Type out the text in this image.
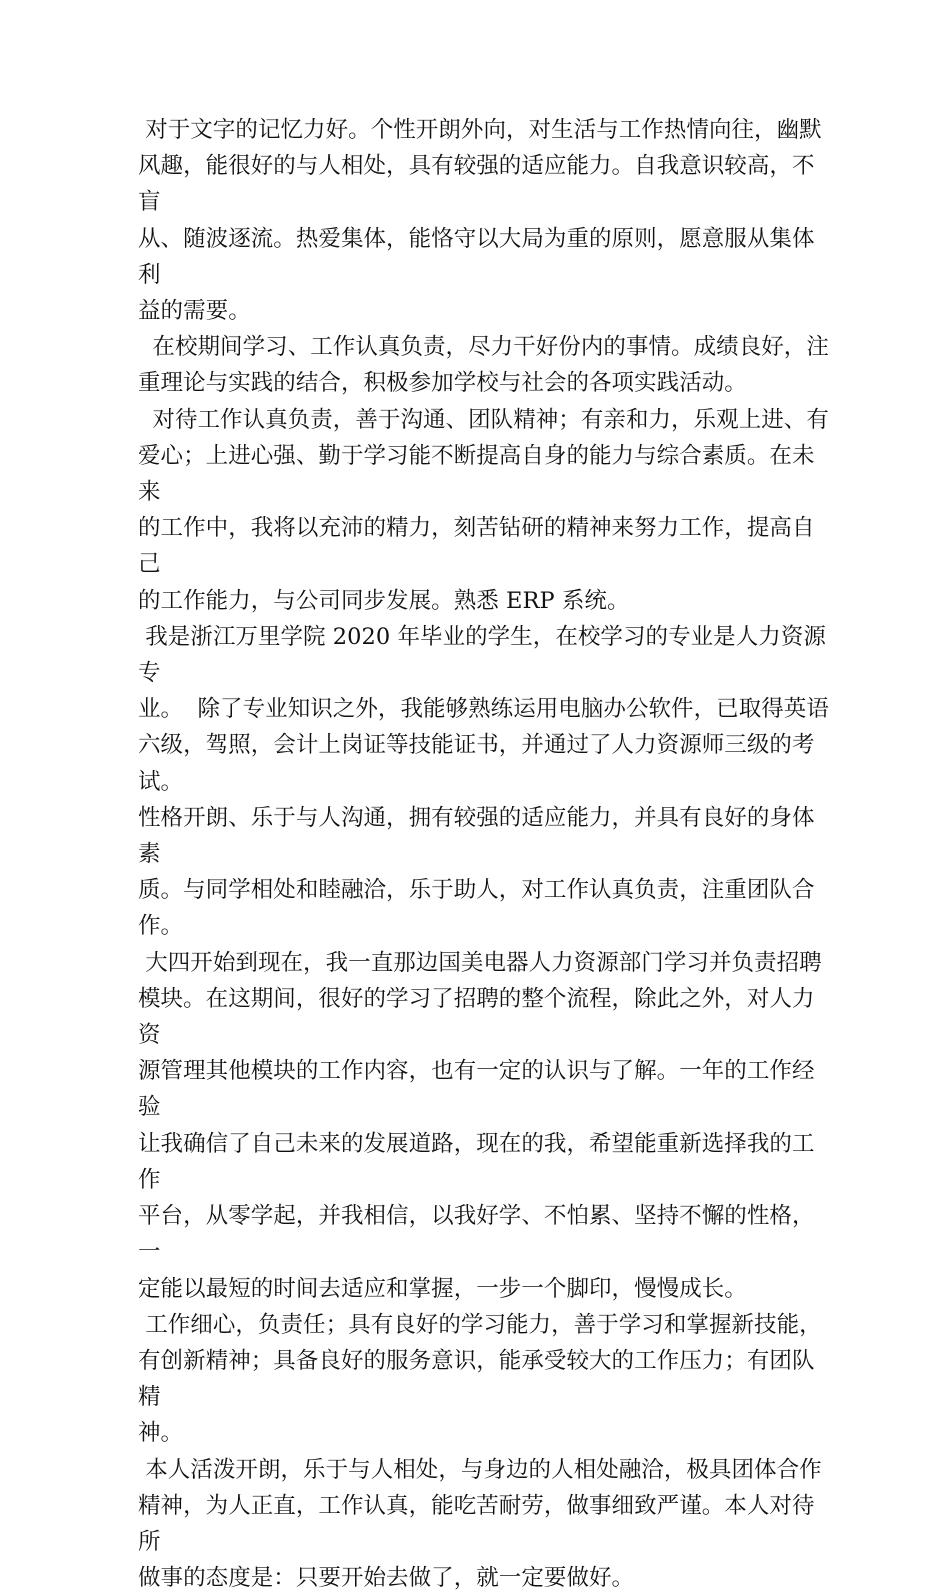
对于文字的记忆力好。个性开朗外向，对生活与工作热情向往，幽默
风趣，能很好的与人相处，具有较强的适应能力。自我意识较高，不盲
从、随波逐流。热爱集体，能恪守以大局为重的原则，愿意服从集体利
益的需要。

在校期间学习、工作认真负责，尽力干好份内的事情。成绩良好，注
重理论与实践的结合，积极参加学校与社会的各项实践活动。

对待工作认真负责，善于沟通、团队精神；有亲和力，乐观上进、有
爱心；上进心强、勤于学习能不断提高自身的能力与综合素质。在未来
的工作中，我将以充沛的精力，刻苦钻研的精神来努力工作，提高自己
的工作能力，与公司同步发展。熟悉 ERP 系统。

我是浙江万里学院 2020 年毕业的学生，在校学习的专业是人力资源专
业。  除了专业知识之外，我能够熟练运用电脑办公软件，已取得英语
六级，驾照，会计上岗证等技能证书，并通过了人力资源师三级的考试。
性格开朗、乐于与人沟通，拥有较强的适应能力，并具有良好的身体素
质。与同学相处和睦融洽，乐于助人，对工作认真负责，注重团队合作。

大四开始到现在，我一直那边国美电器人力资源部门学习并负责招聘
模块。在这期间，很好的学习了招聘的整个流程，除此之外，对人力资
源管理其他模块的工作内容，也有一定的认识与了解。一年的工作经验
让我确信了自己未来的发展道路，现在的我，希望能重新选择我的工作
平台，从零学起，并我相信，以我好学、不怕累、坚持不懈的性格，一
定能以最短的时间去适应和掌握，一步一个脚印，慢慢成长。

工作细心，负责任；具有良好的学习能力，善于学习和掌握新技能，
有创新精神；具备良好的服务意识，能承受较大的工作压力；有团队精
神。

本人活泼开朗，乐于与人相处，与身边的人相处融洽，极具团体合作
精神，为人正直，工作认真，能吃苦耐劳，做事细致严谨。本人对待所
做事的态度是：只要开始去做了，就一定要做好。
